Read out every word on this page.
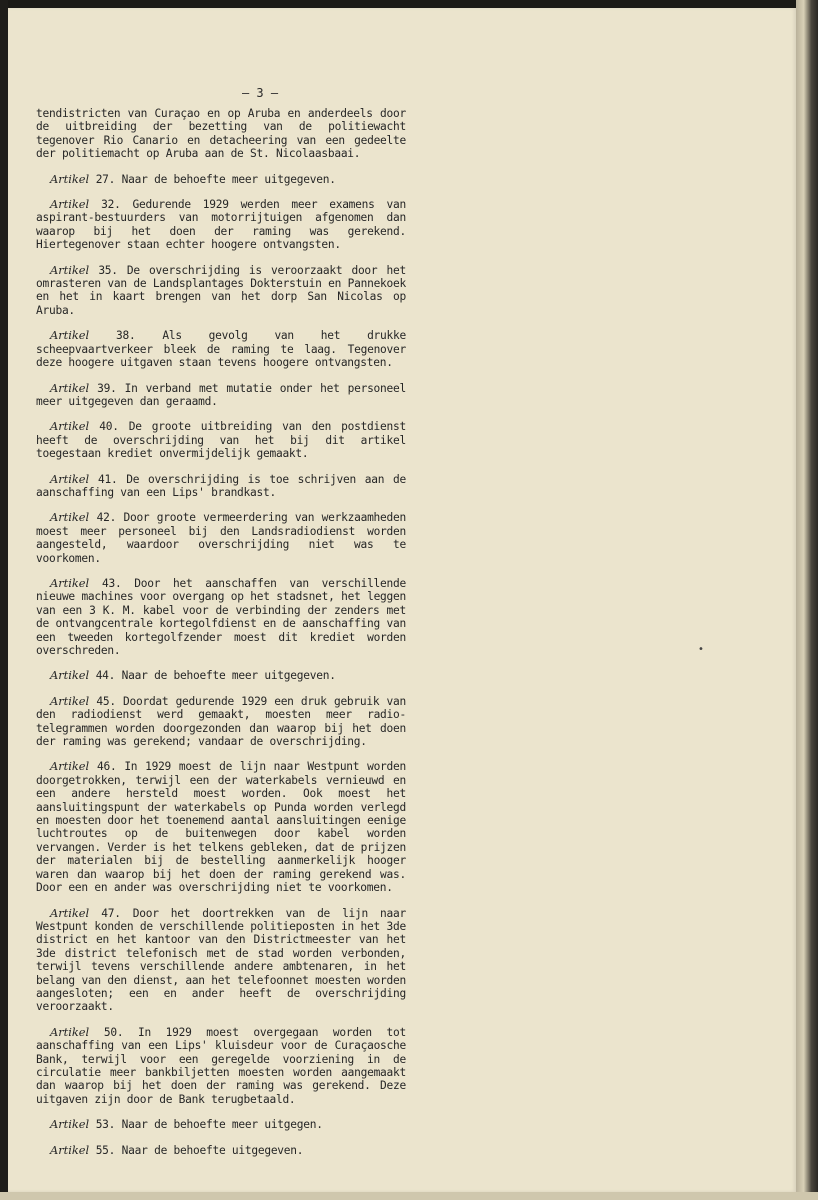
— 3 —

tendistricten van Curaçao en op Aruba en anderdeels door de uitbreiding der bezetting van de politiewacht tegenover Rio Canario en detacheering van een gedeelte der politiemacht op Aruba aan de St. Nicolaasbaai.

Artikel 27. Naar de behoefte meer uitgegeven.

Artikel 32. Gedurende 1929 werden meer examens van aspirant-bestuurders van motorrijtuigen afgenomen dan waarop bij het doen der raming was gerekend. Hiertegenover staan echter hoogere ontvangsten.

Artikel 35. De overschrijding is veroorzaakt door het omrasteren van de Landsplantages Dokterstuin en Pannekoek en het in kaart brengen van het dorp San Nicolas op Aruba.

Artikel 38. Als gevolg van het drukke scheepvaartverkeer bleek de raming te laag. Tegenover deze hoogere uitgaven staan tevens hoogere ontvangsten.

Artikel 39. In verband met mutatie onder het personeel meer uitgegeven dan geraamd.

Artikel 40. De groote uitbreiding van den postdienst heeft de overschrijding van het bij dit artikel toegestaan krediet onvermijdelijk gemaakt.

Artikel 41. De overschrijding is toe schrijven aan de aanschaffing van een Lips' brandkast.

Artikel 42. Door groote vermeerdering van werkzaamheden moest meer personeel bij den Landsradiodienst worden aangesteld, waardoor overschrijding niet was te voorkomen.

Artikel 43. Door het aanschaffen van verschillende nieuwe machines voor overgang op het stadsnet, het leggen van een 3 K. M. kabel voor de verbinding der zenders met de ontvangcentrale kortegolfdienst en de aanschaffing van een tweeden kortegolfzender moest dit krediet worden overschreden.

Artikel 44. Naar de behoefte meer uitgegeven.

Artikel 45. Doordat gedurende 1929 een druk gebruik van den radiodienst werd gemaakt, moesten meer radio-telegrammen worden doorgezonden dan waarop bij het doen der raming was gerekend; vandaar de overschrijding.

Artikel 46. In 1929 moest de lijn naar Westpunt worden doorgetrokken, terwijl een der waterkabels vernieuwd en een andere hersteld moest worden. Ook moest het aansluitingspunt der waterkabels op Punda worden verlegd en moesten door het toenemend aantal aansluitingen eenige luchtroutes op de buitenwegen door kabel worden vervangen. Verder is het telkens gebleken, dat de prijzen der materialen bij de bestelling aanmerkelijk hooger waren dan waarop bij het doen der raming gerekend was. Door een en ander was overschrijding niet te voorkomen.

Artikel 47. Door het doortrekken van de lijn naar Westpunt konden de verschillende politieposten in het 3de district en het kantoor van den Districtmeester van het 3de district telefonisch met de stad worden verbonden, terwijl tevens verschillende andere ambtenaren, in het belang van den dienst, aan het telefoonnet moesten worden aangesloten; een en ander heeft de overschrijding veroorzaakt.

Artikel 50. In 1929 moest overgegaan worden tot aanschaffing van een Lips' kluisdeur voor de Curaçaosche Bank, terwijl voor een geregelde voorziening in de circulatie meer bankbiljetten moesten worden aangemaakt dan waarop bij het doen der raming was gerekend. Deze uitgaven zijn door de Bank terugbetaald.

Artikel 53. Naar de behoefte meer uitgegen.

Artikel 55. Naar de behoefte uitgegeven.

•
